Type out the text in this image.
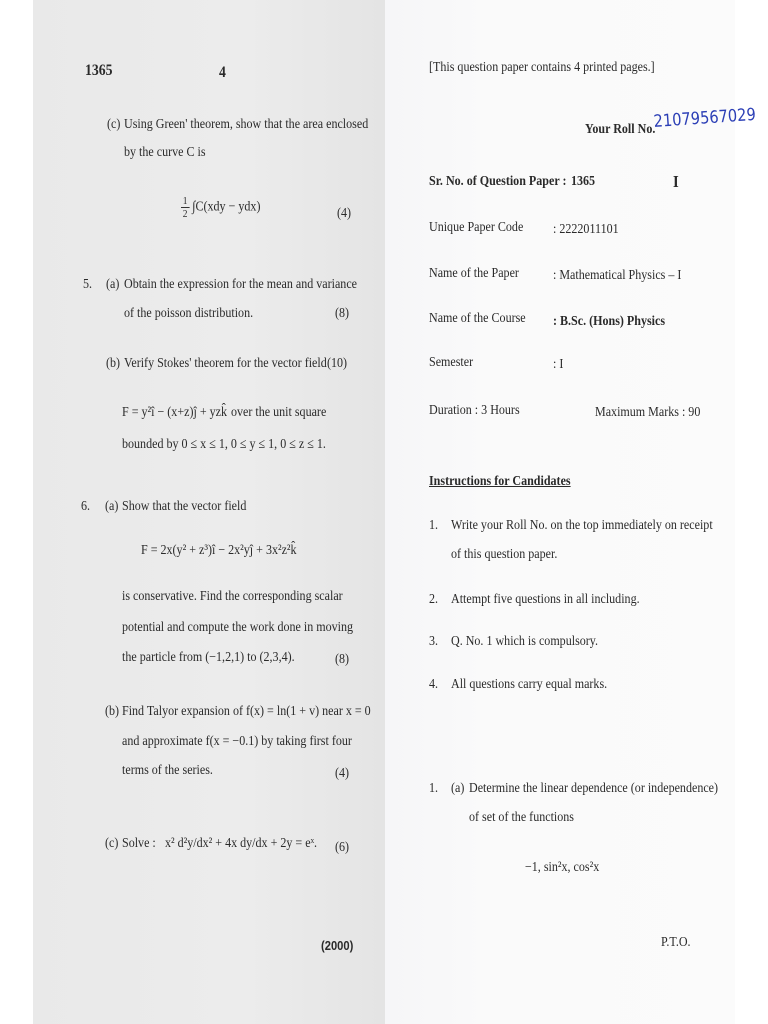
1365	4
(c) Using Green' theorem, show that the area enclosed
by the curve C is
$\frac{1}{2} \int C(xdy - ydx)$	(4)
5. (a) Obtain the expression for the mean and variance
of the poisson distribution.	(8)
(b) Verify Stokes' theorem for the vector field (10)
F = y²î − (x+z)ĵ + yzk̂ over the unit square
bounded by 0 ≤ x ≤ 1, 0 ≤ y ≤ 1, 0 ≤ z ≤ 1.
6. (a) Show that the vector field
F = 2x(y² + z³)î − 2x²yĵ + 3x²z²k̂
is conservative. Find the corresponding scalar
potential and compute the work done in moving
the particle from (−1,2,1) to (2,3,4).	(8)
(b) Find Talyor expansion of f(x) = ln(1 + v) near x = 0
and approximate f(x = −0.1) by taking first four
terms of the series.	(4)
(c) Solve : x² d²y/dx² + 4x dy/dx + 2y = eˣ. (6)
(2000)
[This question paper contains 4 printed pages.]
Your Roll No.
21079567029
Sr. No. of Question Paper : 1365	I
Unique Paper Code : 2222011101
Name of the Paper : Mathematical Physics – I
Name of the Course : B.Sc. (Hons) Physics
Semester	: I
Duration : 3 Hours	Maximum Marks : 90
Instructions for Candidates
1. Write your Roll No. on the top immediately on receipt
of this question paper.
2. Attempt five questions in all including.
3. Q. No. 1 which is compulsory.
4. All questions carry equal marks.
1. (a) Determine the linear dependence (or independence)
of set of the functions
−1, sin²x, cos²x
P.T.O.
